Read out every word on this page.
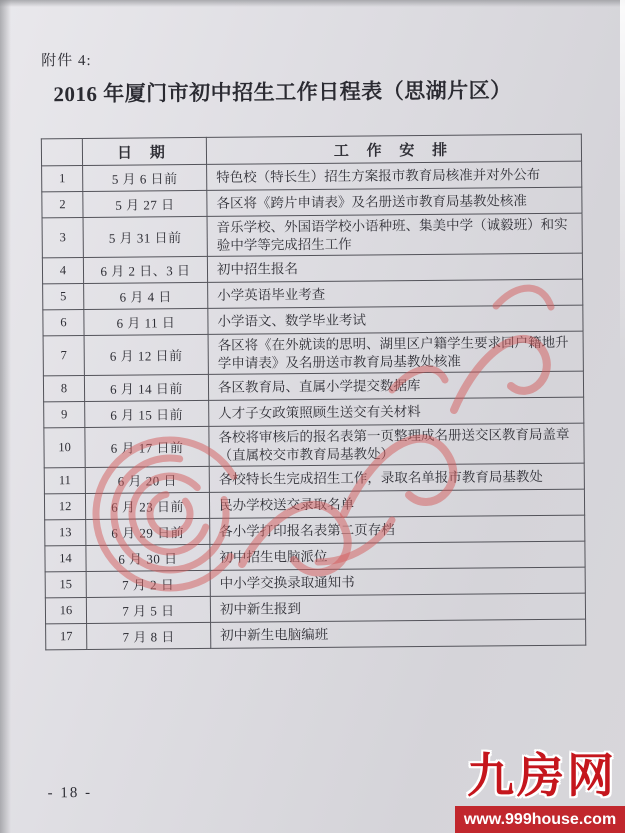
附件 4:
2016 年厦门市初中招生工作日程表（思湖片区）
	日 期	工 作 安 排
1	5 月 6 日前	特色校（特长生）招生方案报市教育局核准并对外公布
2	5 月 27 日	各区将《跨片申请表》及名册送市教育局基教处核准
3	5 月 31 日前	音乐学校、外国语学校小语种班、集美中学（诚毅班）和实验中学等完成招生工作
4	6 月 2 日、3 日	初中招生报名
5	6 月 4 日	小学英语毕业考查
6	6 月 11 日	小学语文、数学毕业考试
7	6 月 12 日前	各区将《在外就读的思明、湖里区户籍学生要求回户籍地升学申请表》及名册送市教育局基教处核准
8	6 月 14 日前	各区教育局、直属小学提交数据库
9	6 月 15 日前	人才子女政策照顾生送交有关材料
10	6 月 17 日前	各校将审核后的报名表第一页整理成名册送交区教育局盖章（直属校交市教育局基教处）
11	6 月 20 日	各校特长生完成招生工作，录取名单报市教育局基教处
12	6 月 23 日前	民办学校送交录取名单
13	6 月 29 日前	各小学打印报名表第二页存档
14	6 月 30 日	初中招生电脑派位
15	7 月 2 日	中小学交换录取通知书
16	7 月 5 日	初中新生报到
17	7 月 8 日	初中新生电脑编班
- 18 -	九房网
www.999house.com
